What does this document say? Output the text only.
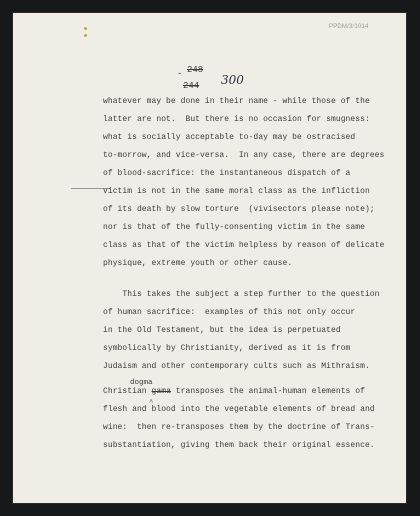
PPDM/3/1014
- 248
244 300
whatever may be done in their name - while those of the
latter are not.  But there is no occasion for smugness:
what is socially acceptable to-day may be ostracised
to-morrow, and vice-versa.  In any case, there are degrees
of blood-sacrifice: the instantaneous dispatch of a
victim is not in the same moral class as the infliction
of its death by slow torture  (vivisectors please note);
nor is that of the fully-consenting victim in the same
class as that of the victim helpless by reason of delicate
physique, extreme youth or other cause.
This takes the subject a step further to the question
of human sacrifice:  examples of this not only occur
in the Old Testament, but the idea is perpetuated
symbolically by Christianity, derived as it is from
Judaism and other contemporary cults such as Mithraism.
dogma
Christian gama transposes the animal-human elements of
^
flesh and blood into the vegetable elements of bread and
wine:  then re-transposes them by the doctrine of Trans-
substantiation, giving them back their original essence.
